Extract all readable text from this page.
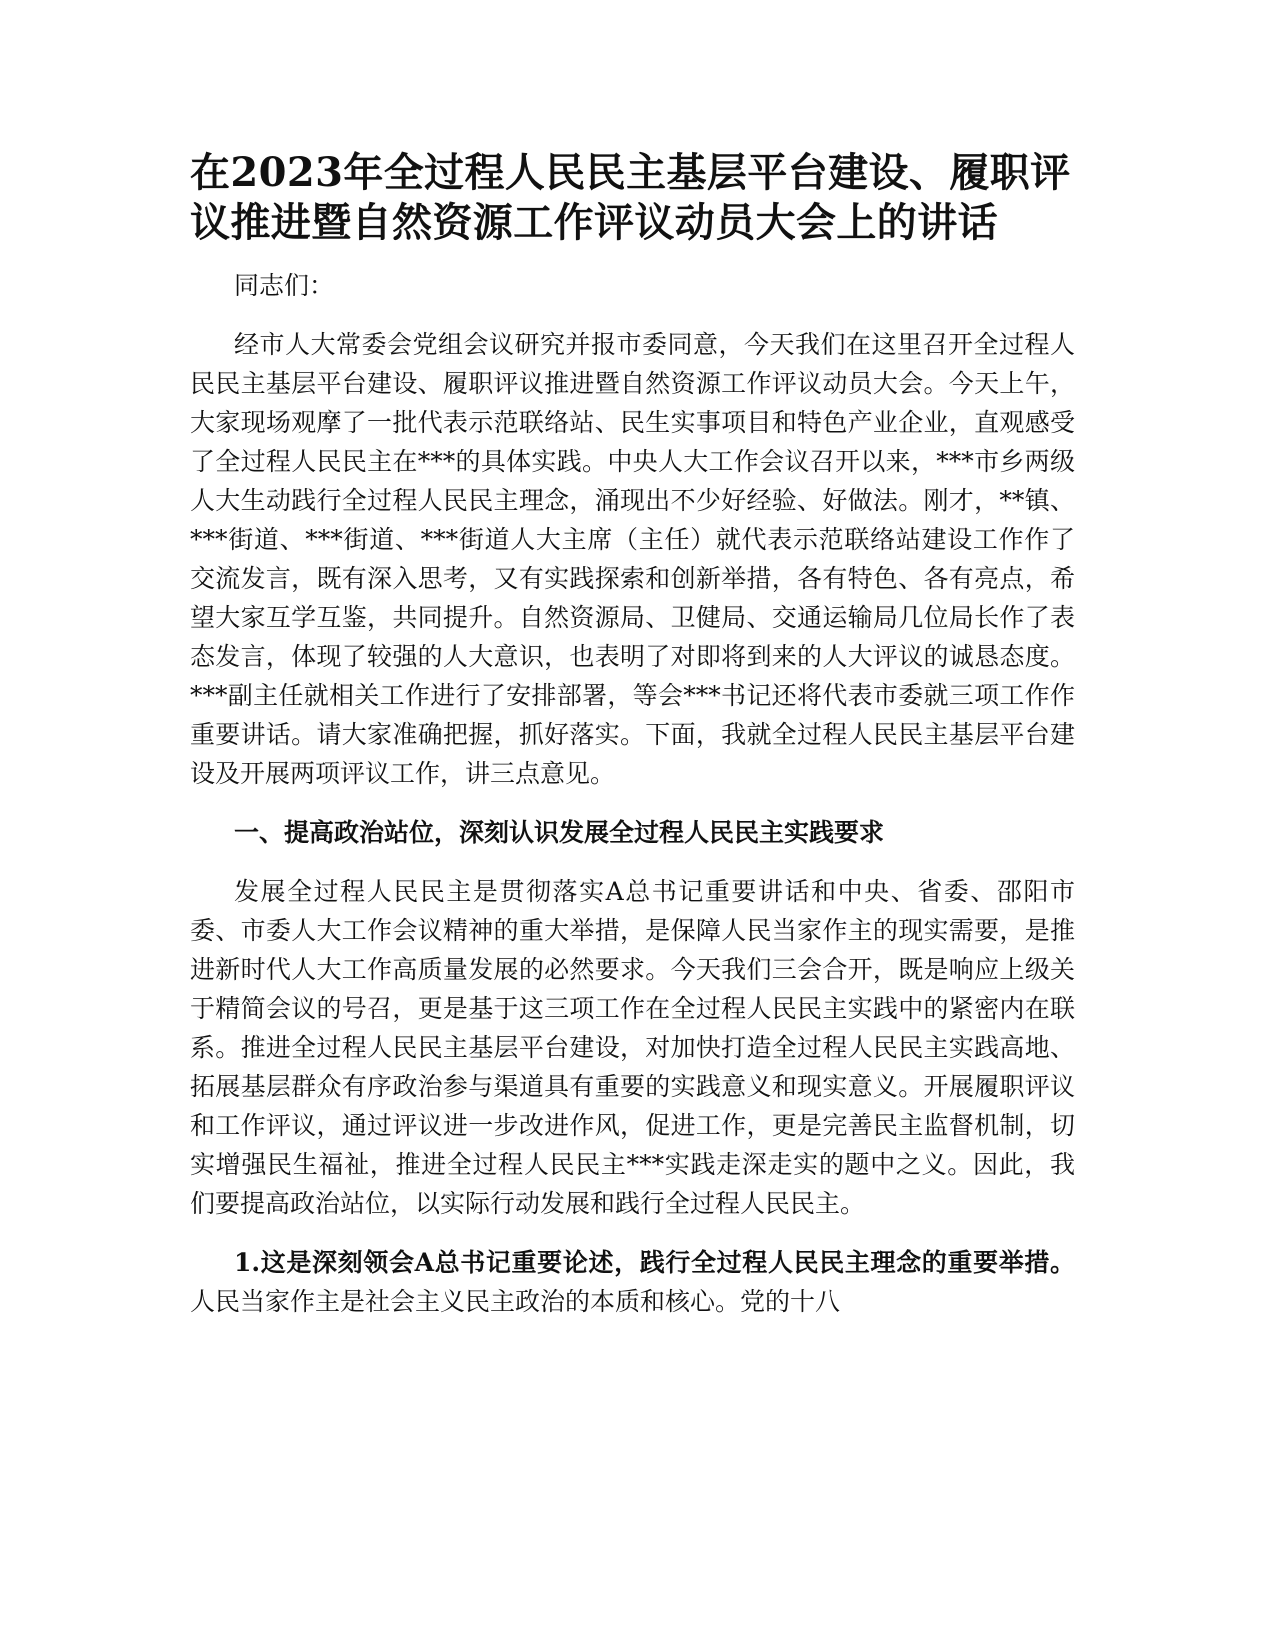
在2023年全过程人民民主基层平台建设、履职评议推进暨自然资源工作评议动员大会上的讲话

同志们：

经市人大常委会党组会议研究并报市委同意，今天我们在这里召开全过程人民民主基层平台建设、履职评议推进暨自然资源工作评议动员大会。今天上午，大家现场观摩了一批代表示范联络站、民生实事项目和特色产业企业，直观感受了全过程人民民主在***的具体实践。中央人大工作会议召开以来，***市乡两级人大生动践行全过程人民民主理念，涌现出不少好经验、好做法。刚才，**镇、***街道、***街道、***街道人大主席（主任）就代表示范联络站建设工作作了交流发言，既有深入思考，又有实践探索和创新举措，各有特色、各有亮点，希望大家互学互鉴，共同提升。自然资源局、卫健局、交通运输局几位局长作了表态发言，体现了较强的人大意识，也表明了对即将到来的人大评议的诚恳态度。***副主任就相关工作进行了安排部署，等会***书记还将代表市委就三项工作作重要讲话。请大家准确把握，抓好落实。下面，我就全过程人民民主基层平台建设及开展两项评议工作，讲三点意见。

一、提高政治站位，深刻认识发展全过程人民民主实践要求

发展全过程人民民主是贯彻落实A总书记重要讲话和中央、省委、邵阳市委、市委人大工作会议精神的重大举措，是保障人民当家作主的现实需要，是推进新时代人大工作高质量发展的必然要求。今天我们三会合开，既是响应上级关于精简会议的号召，更是基于这三项工作在全过程人民民主实践中的紧密内在联系。推进全过程人民民主基层平台建设，对加快打造全过程人民民主实践高地、拓展基层群众有序政治参与渠道具有重要的实践意义和现实意义。开展履职评议和工作评议，通过评议进一步改进作风，促进工作，更是完善民主监督机制，切实增强民生福祉，推进全过程人民民主***实践走深走实的题中之义。因此，我们要提高政治站位，以实际行动发展和践行全过程人民民主。

1.这是深刻领会A总书记重要论述，践行全过程人民民主理念的重要举措。人民当家作主是社会主义民主政治的本质和核心。党的十八
